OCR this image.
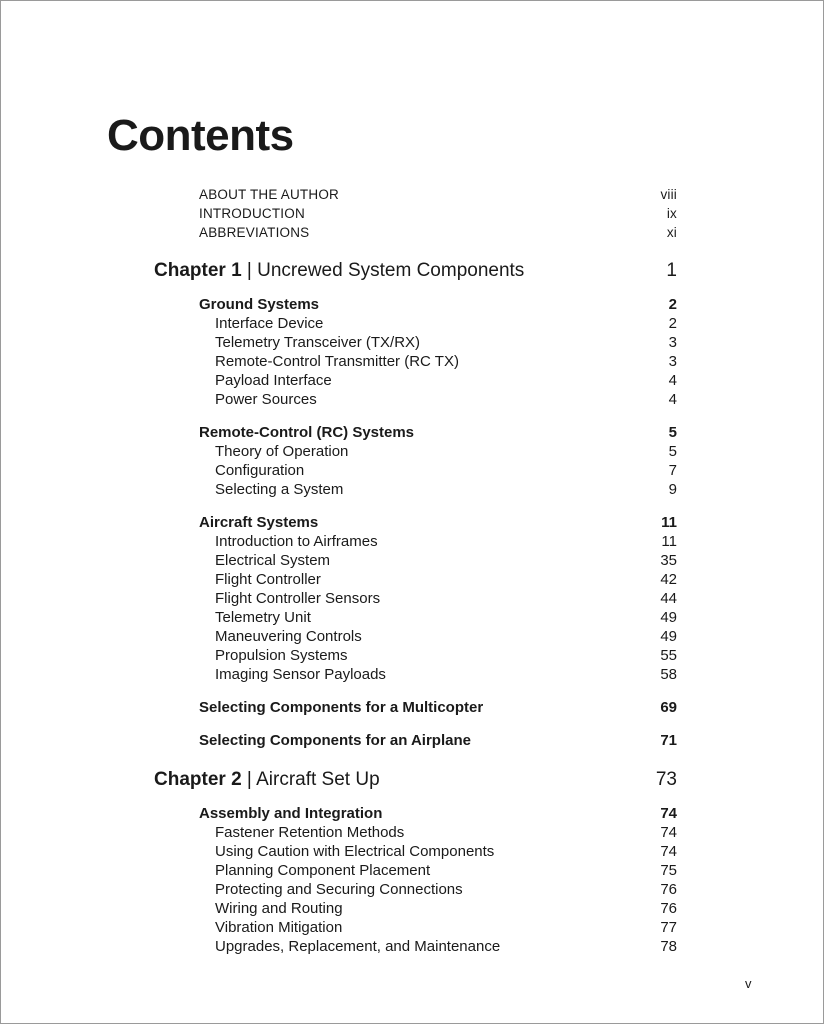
Contents
ABOUT THE AUTHOR	viii
INTRODUCTION	ix
ABBREVIATIONS	xi
Chapter 1 | Uncrewed System Components	1
Ground Systems	2
Interface Device	2
Telemetry Transceiver (TX/RX)	3
Remote-Control Transmitter (RC TX)	3
Payload Interface	4
Power Sources	4
Remote-Control (RC) Systems	5
Theory of Operation	5
Configuration	7
Selecting a System	9
Aircraft Systems	11
Introduction to Airframes	11
Electrical System	35
Flight Controller	42
Flight Controller Sensors	44
Telemetry Unit	49
Maneuvering Controls	49
Propulsion Systems	55
Imaging Sensor Payloads	58
Selecting Components for a Multicopter	69
Selecting Components for an Airplane	71
Chapter 2 | Aircraft Set Up	73
Assembly and Integration	74
Fastener Retention Methods	74
Using Caution with Electrical Components	74
Planning Component Placement	75
Protecting and Securing Connections	76
Wiring and Routing	76
Vibration Mitigation	77
Upgrades, Replacement, and Maintenance	78
v
